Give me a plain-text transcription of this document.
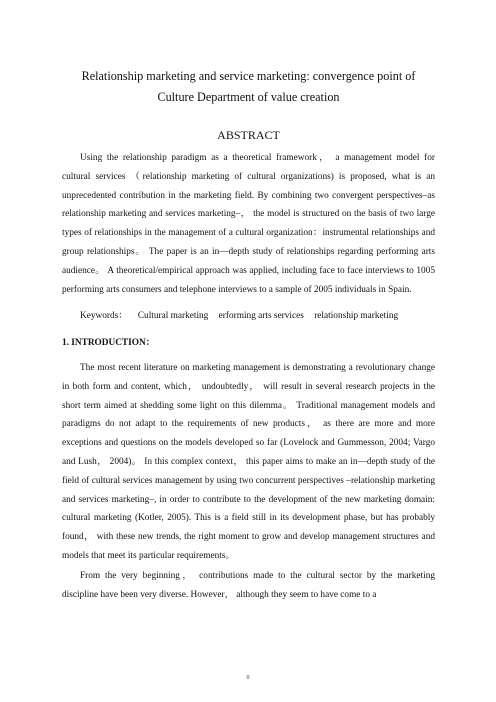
Relationship marketing and service marketing: convergence point of
Culture Department of value creation
ABSTRACT

Using the relationship paradigm as a theoretical framework， a management model for cultural services （relationship marketing of cultural organizations) is proposed, what is an unprecedented contribution in the marketing field. By combining two convergent perspectives–as relationship marketing and services marketing–， the model is structured on the basis of two large types of relationships in the management of a cultural organization：instrumental relationships and group relationships。 The paper is an in—depth study of relationships regarding performing arts audience。 A theoretical/empirical approach was applied, including face to face interviews to 1005 performing arts consumers and telephone interviews to a sample of 2005 individuals in Spain.

Keywords： Cultural marketing erforming arts services relationship marketing

1. INTRODUCTION：

The most recent literature on marketing management is demonstrating a revolutionary change in both form and content, which， undoubtedly， will result in several research projects in the short term aimed at shedding some light on this dilemma。 Traditional management models and paradigms do not adapt to the requirements of new products， as there are more and more exceptions and questions on the models developed so far (Lovelock and Gummesson, 2004; Vargo and Lush， 2004)。 In this complex context， this paper aims to make an in—depth study of the field of cultural services management by using two concurrent perspectives –relationship marketing and services marketing–, in order to contribute to the development of the new marketing domain: cultural marketing (Kotler, 2005). This is a field still in its development phase, but has probably found， with these new trends, the right moment to grow and develop management structures and models that meet its particular requirements。

From the very beginning， contributions made to the cultural sector by the marketing discipline have been very diverse. However， although they seem to have come to a

0
